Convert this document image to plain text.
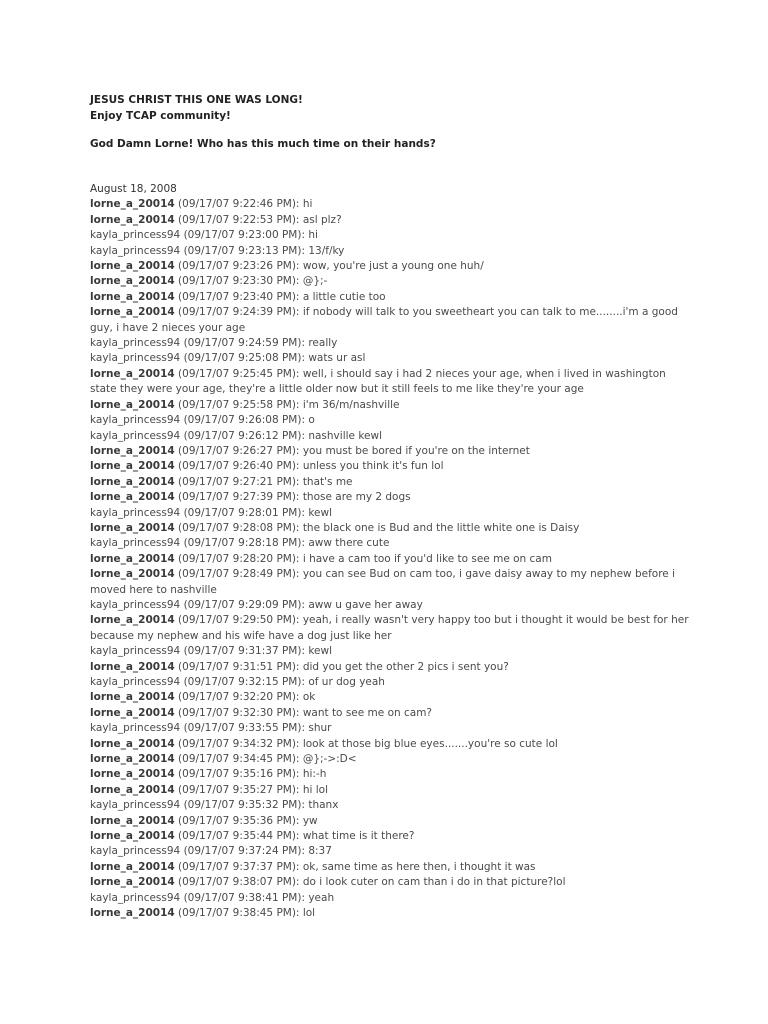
JESUS CHRIST THIS ONE WAS LONG!

Enjoy TCAP community!

God Damn Lorne! Who has this much time on their hands?

August 18, 2008

lorne_a_20014 (09/17/07 9:22:46 PM): hi
lorne_a_20014 (09/17/07 9:22:53 PM): asl plz?
kayla_princess94 (09/17/07 9:23:00 PM): hi
kayla_princess94 (09/17/07 9:23:13 PM): 13/f/ky
lorne_a_20014 (09/17/07 9:23:26 PM): wow, you're just a young one huh/
lorne_a_20014 (09/17/07 9:23:30 PM): @};-
lorne_a_20014 (09/17/07 9:23:40 PM): a little cutie too
lorne_a_20014 (09/17/07 9:24:39 PM): if nobody will talk to you sweetheart you can talk to me........i'm a good guy, i have 2 nieces your age
kayla_princess94 (09/17/07 9:24:59 PM): really
kayla_princess94 (09/17/07 9:25:08 PM): wats ur asl
lorne_a_20014 (09/17/07 9:25:45 PM): well, i should say i had 2 nieces your age, when i lived in washington state they were your age, they're a little older now but it still feels to me like they're your age
lorne_a_20014 (09/17/07 9:25:58 PM): i'm 36/m/nashville
kayla_princess94 (09/17/07 9:26:08 PM): o
kayla_princess94 (09/17/07 9:26:12 PM): nashville kewl
lorne_a_20014 (09/17/07 9:26:27 PM): you must be bored if you're on the internet
lorne_a_20014 (09/17/07 9:26:40 PM): unless you think it's fun lol
lorne_a_20014 (09/17/07 9:27:21 PM): that's me
lorne_a_20014 (09/17/07 9:27:39 PM): those are my 2 dogs
kayla_princess94 (09/17/07 9:28:01 PM): kewl
lorne_a_20014 (09/17/07 9:28:08 PM): the black one is Bud and the little white one is Daisy
kayla_princess94 (09/17/07 9:28:18 PM): aww there cute
lorne_a_20014 (09/17/07 9:28:20 PM): i have a cam too if you'd like to see me on cam
lorne_a_20014 (09/17/07 9:28:49 PM): you can see Bud on cam too, i gave daisy away to my nephew before i moved here to nashville
kayla_princess94 (09/17/07 9:29:09 PM): aww u gave her away
lorne_a_20014 (09/17/07 9:29:50 PM): yeah, i really wasn't very happy too but i thought it would be best for her because my nephew and his wife have a dog just like her
kayla_princess94 (09/17/07 9:31:37 PM): kewl
lorne_a_20014 (09/17/07 9:31:51 PM): did you get the other 2 pics i sent you?
kayla_princess94 (09/17/07 9:32:15 PM): of ur dog yeah
lorne_a_20014 (09/17/07 9:32:20 PM): ok
lorne_a_20014 (09/17/07 9:32:30 PM): want to see me on cam?
kayla_princess94 (09/17/07 9:33:55 PM): shur
lorne_a_20014 (09/17/07 9:34:32 PM): look at those big blue eyes.......you're so cute lol
lorne_a_20014 (09/17/07 9:34:45 PM): @};->:D<
lorne_a_20014 (09/17/07 9:35:16 PM): hi:-h
lorne_a_20014 (09/17/07 9:35:27 PM): hi lol
kayla_princess94 (09/17/07 9:35:32 PM): thanx
lorne_a_20014 (09/17/07 9:35:36 PM): yw
lorne_a_20014 (09/17/07 9:35:44 PM): what time is it there?
kayla_princess94 (09/17/07 9:37:24 PM): 8:37
lorne_a_20014 (09/17/07 9:37:37 PM): ok, same time as here then, i thought it was
lorne_a_20014 (09/17/07 9:38:07 PM): do i look cuter on cam than i do in that picture?lol
kayla_princess94 (09/17/07 9:38:41 PM): yeah
lorne_a_20014 (09/17/07 9:38:45 PM): lol
